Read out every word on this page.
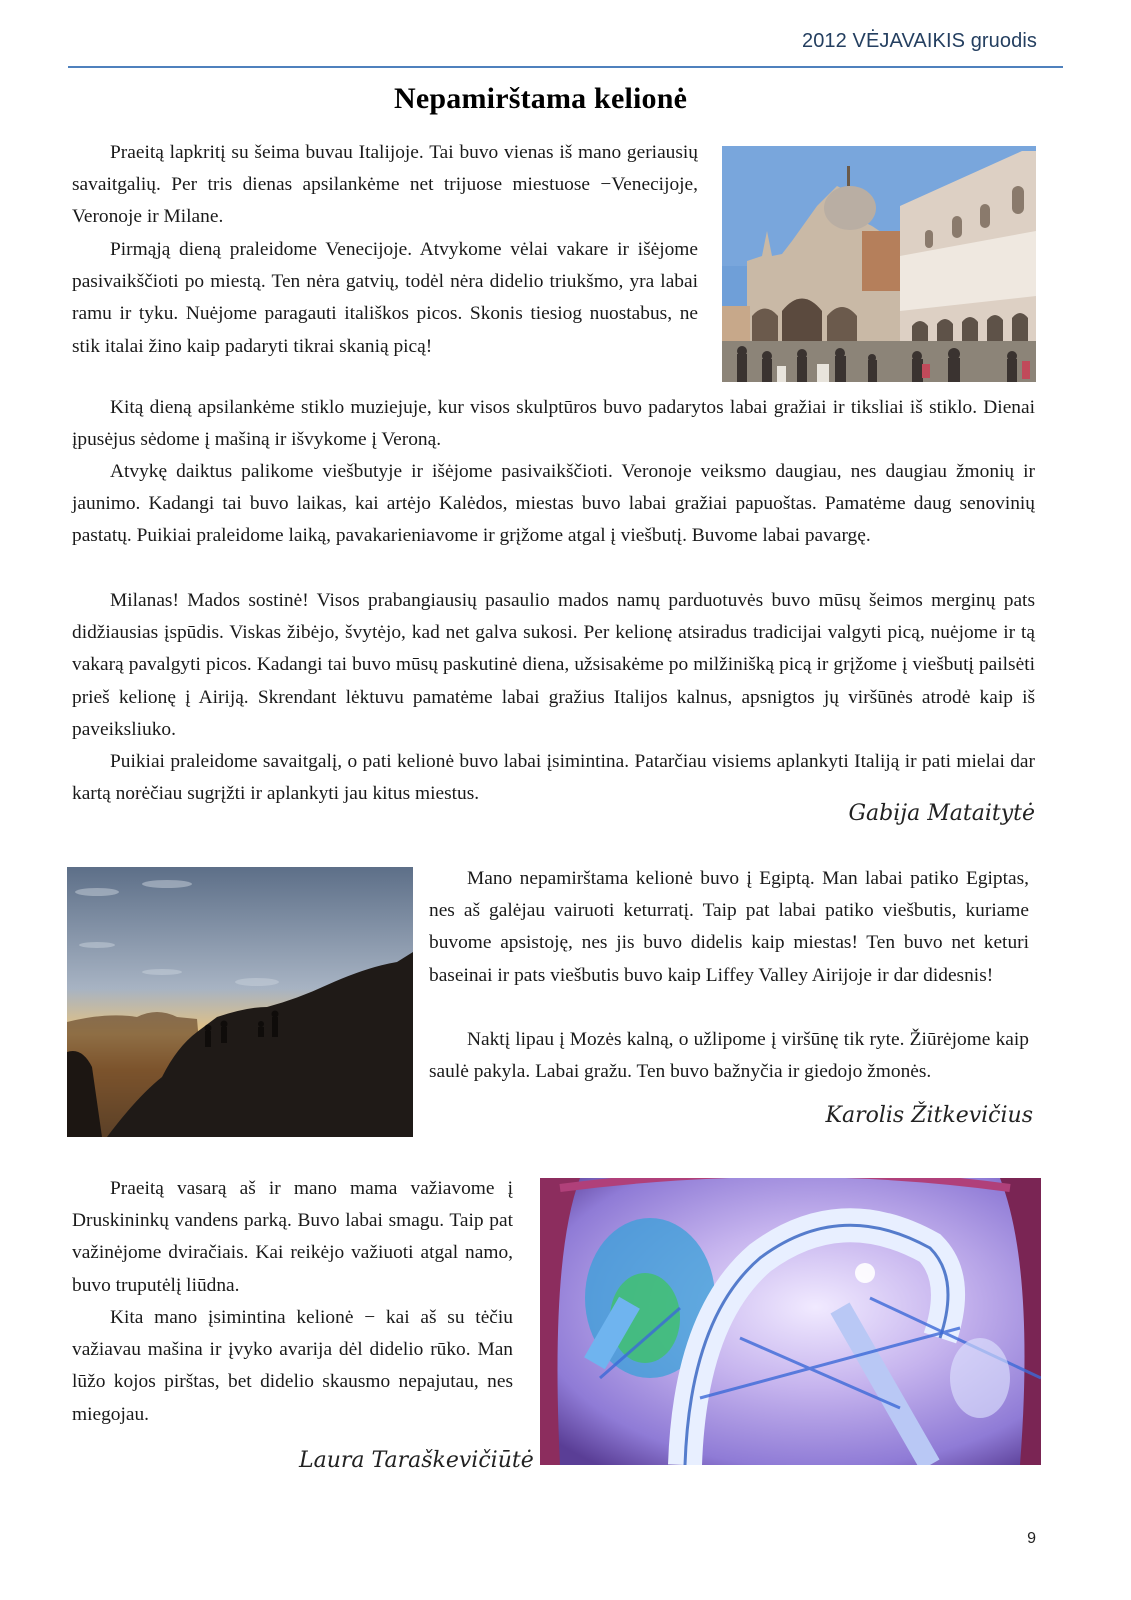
2012 VĖJAVAIKIS gruodis
Nepamirštama kelionė

Praeitą lapkritį su šeima buvau Italijoje. Tai buvo vienas iš mano geriausių savaitgalių. Per tris dienas apsilankėme net trijuose miestuose −Venecijoje, Veronoje ir Milane.

Pirmąją dieną praleidome Venecijoje. Atvykome vėlai vakare ir išėjome pasivaikščioti po miestą. Ten nėra gatvių, todėl nėra didelio triukšmo, yra labai ramu ir tyku. Nuėjome paragauti itališkos picos. Skonis tiesiog nuostabus, ne stik italai žino kaip padaryti tikrai skanią picą!

Kitą dieną apsilankėme stiklo muziejuje, kur visos skulptūros buvo padarytos labai gražiai ir tiksliai iš stiklo. Dienai įpusėjus sėdome į mašiną ir išvykome į Veroną.

Atvykę daiktus palikome viešbutyje ir išėjome pasivaikščioti. Veronoje veiksmo daugiau, nes daugiau žmonių ir jaunimo. Kadangi tai buvo laikas, kai artėjo Kalėdos, miestas buvo labai gražiai papuoštas. Pamatėme daug senovinių pastatų. Puikiai praleidome laiką, pavakarieniavome ir grįžome atgal į viešbutį. Buvome labai pavargę.

Milanas! Mados sostinė! Visos prabangiausių pasaulio mados namų parduotuvės buvo mūsų šeimos merginų pats didžiausias įspūdis. Viskas žibėjo, švytėjo, kad net galva sukosi. Per kelionę atsiradus tradicijai valgyti picą, nuėjome ir tą vakarą pavalgyti picos. Kadangi tai buvo mūsų paskutinė diena, užsisakėme po milžinišką picą ir grįžome į viešbutį pailsėti prieš kelionę į Airiją. Skrendant lėktuvu pamatėme labai gražius Italijos kalnus, apsnigtos jų viršūnės atrodė kaip iš paveiksliuko.

Puikiai praleidome savaitgalį, o pati kelionė buvo labai įsimintina. Patarčiau visiems aplankyti Italiją ir pati mielai dar kartą norėčiau sugrįžti ir aplankyti jau kitus miestus.

Gabija Mataitytė

Mano nepamirštama kelionė buvo į Egiptą. Man labai patiko Egiptas, nes aš galėjau vairuoti keturratį. Taip pat labai patiko viešbutis, kuriame buvome apsistoję, nes jis buvo didelis kaip miestas! Ten buvo net keturi baseinai ir pats viešbutis buvo kaip Liffey Valley Airijoje ir dar didesnis!

Naktį lipau į Mozės kalną, o užlipome į viršūnę tik ryte. Žiūrėjome kaip saulė pakyla. Labai gražu. Ten buvo bažnyčia ir giedojo žmonės.

Karolis Žitkevičius

Praeitą vasarą aš ir mano mama važiavome į Druskininkų vandens parką. Buvo labai smagu. Taip pat važinėjome dviračiais. Kai reikėjo važiuoti atgal namo, buvo truputėlį liūdna.

Kita mano įsimintina kelionė − kai aš su tėčiu važiavau mašina ir įvyko avarija dėl didelio rūko. Man lūžo kojos pirštas, bet didelio skausmo nepajutau, nes miegojau.

Laura Taraškevičiūtė
9
